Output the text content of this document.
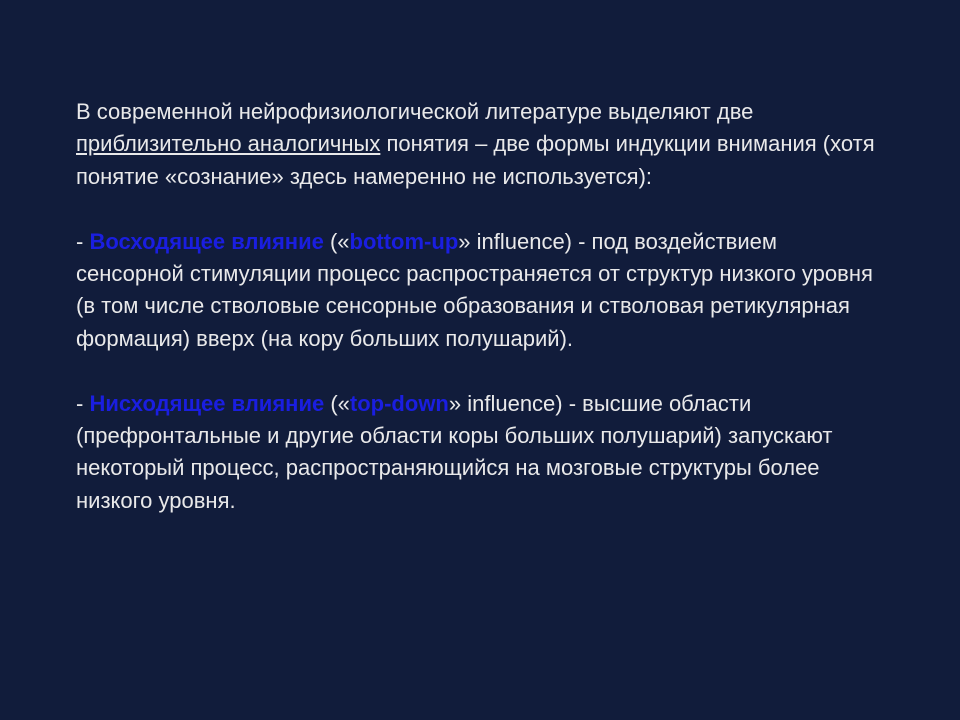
В современной нейрофизиологической литературе выделяют две приблизительно аналогичных понятия – две формы индукции внимания (хотя понятие «сознание» здесь намеренно не используется):

- Восходящее влияние («bottom-up» influence) - под воздействием сенсорной стимуляции процесс распространяется от структур низкого уровня (в том числе стволовые сенсорные образования и стволовая ретикулярная формация) вверх (на кору больших полушарий).

- Нисходящее влияние («top-down» influence) - высшие области (префронтальные и другие области коры больших полушарий) запускают некоторый процесс, распространяющийся на мозговые структуры более низкого уровня.
